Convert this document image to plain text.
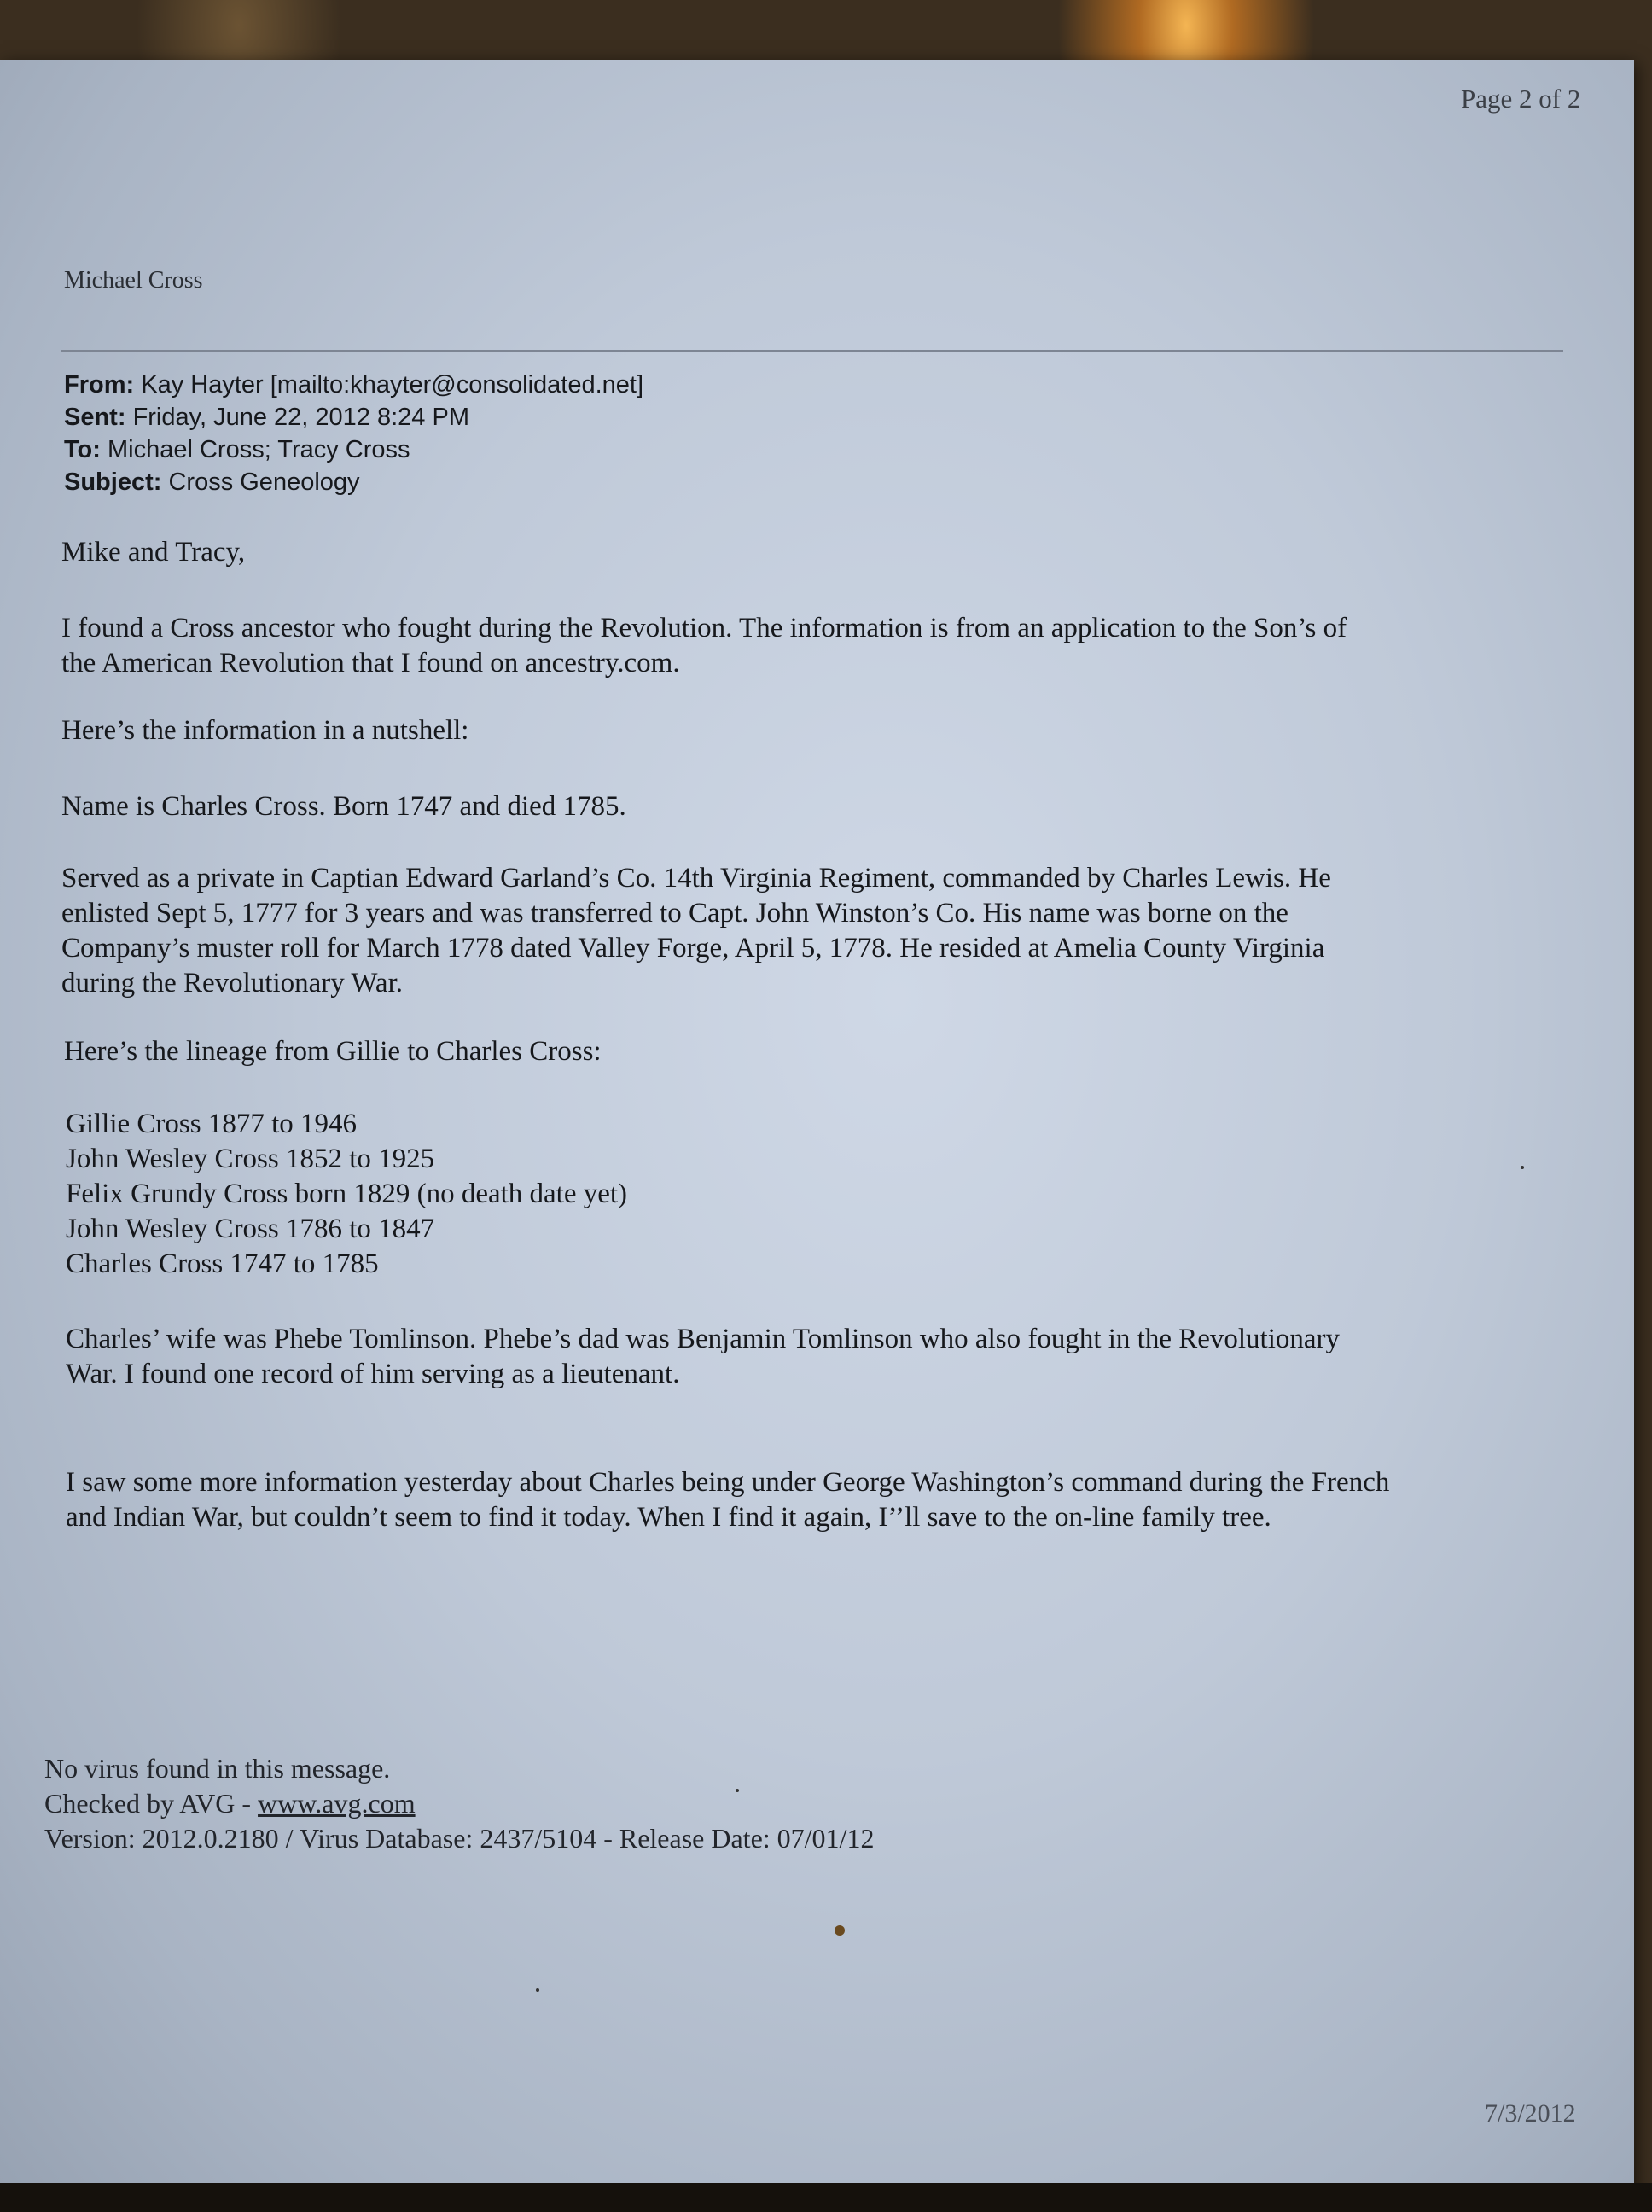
Page 2 of 2
Michael Cross
From: Kay Hayter [mailto:khayter@consolidated.net]
Sent: Friday, June 22, 2012 8:24 PM
To: Michael Cross; Tracy Cross
Subject: Cross Geneology
Mike and Tracy,
I found a Cross ancestor who fought during the Revolution. The information is from an application to the Son’s of
the American Revolution that I found on ancestry.com.
Here’s the information in a nutshell:
Name is Charles Cross. Born 1747 and died 1785.
Served as a private in Captian Edward Garland’s Co. 14th Virginia Regiment, commanded by Charles Lewis. He
enlisted Sept 5, 1777 for 3 years and was transferred to Capt. John Winston’s Co. His name was borne on the
Company’s muster roll for March 1778 dated Valley Forge, April 5, 1778. He resided at Amelia County Virginia
during the Revolutionary War.
Here’s the lineage from Gillie to Charles Cross:
Gillie Cross 1877 to 1946
John Wesley Cross 1852 to 1925
Felix Grundy Cross born 1829 (no death date yet)
John Wesley Cross 1786 to 1847
Charles Cross 1747 to 1785
Charles’ wife was Phebe Tomlinson. Phebe’s dad was Benjamin Tomlinson who also fought in the Revolutionary
War. I found one record of him serving as a lieutenant.
I saw some more information yesterday about Charles being under George Washington’s command during the French
and Indian War, but couldn’t seem to find it today. When I find it again, I’’ll save to the on-line family tree.
No virus found in this message.
Checked by AVG - www.avg.com
Version: 2012.0.2180 / Virus Database: 2437/5104 - Release Date: 07/01/12
7/3/2012
